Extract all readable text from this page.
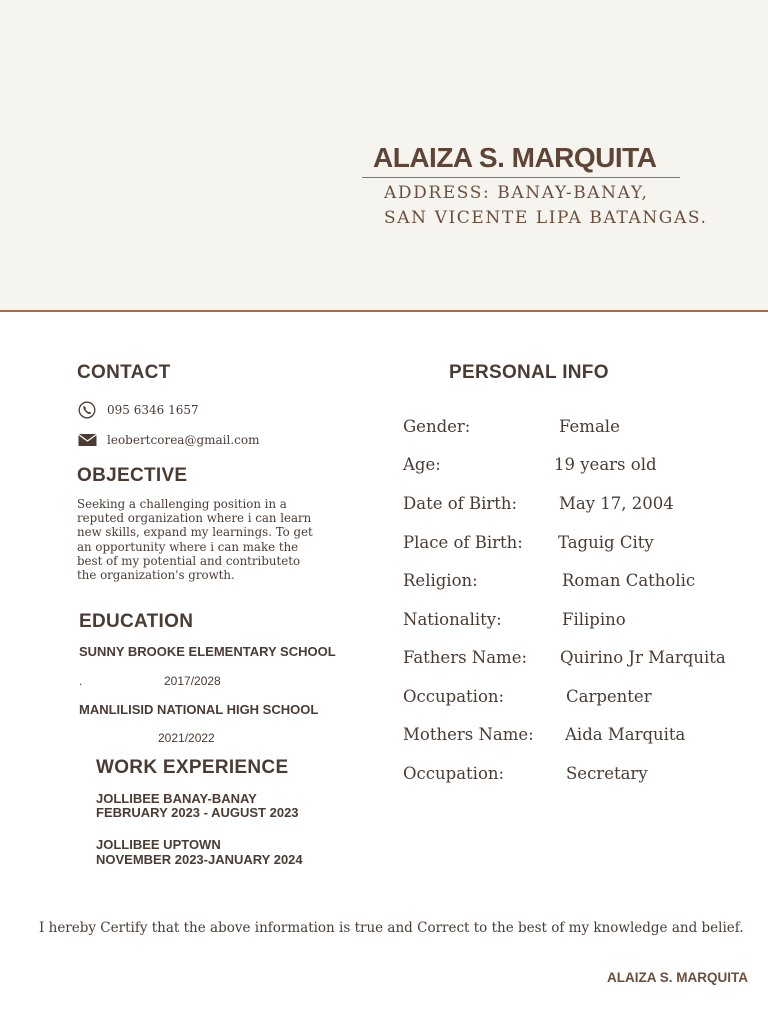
ALAIZA S. MARQUITA
ADDRESS: BANAY-BANAY,
SAN VICENTE LIPA BATANGAS.
CONTACT
095 6346 1657
leobertcorea@gmail.com
OBJECTIVE

Seeking a challenging position in a reputed organization where i can learn new skills, expand my learnings. To get an opportunity where i can make the best of my potential and contributeto the organization's growth.

EDUCATION
SUNNY BROOKE ELEMENTARY SCHOOL
.	2017/2028
MANLILISID NATIONAL HIGH SCHOOL
2021/2022
WORK EXPERIENCE
JOLLIBEE BANAY-BANAY
FEBRUARY 2023 - AUGUST 2023
JOLLIBEE UPTOWN
NOVEMBER 2023-JANUARY 2024
PERSONAL INFO
Gender:	Female
Age:	19 years old
Date of Birth:	May 17, 2004
Place of Birth: Taguig City
Religion:	Roman Catholic
Nationality:	Filipino
Fathers Name: Quirino Jr Marquita
Occupation:	Carpenter
Mothers Name: Aida Marquita
Occupation:	Secretary
I hereby Certify that the above information is true and Correct to the best of my knowledge and belief.
ALAIZA S. MARQUITA
